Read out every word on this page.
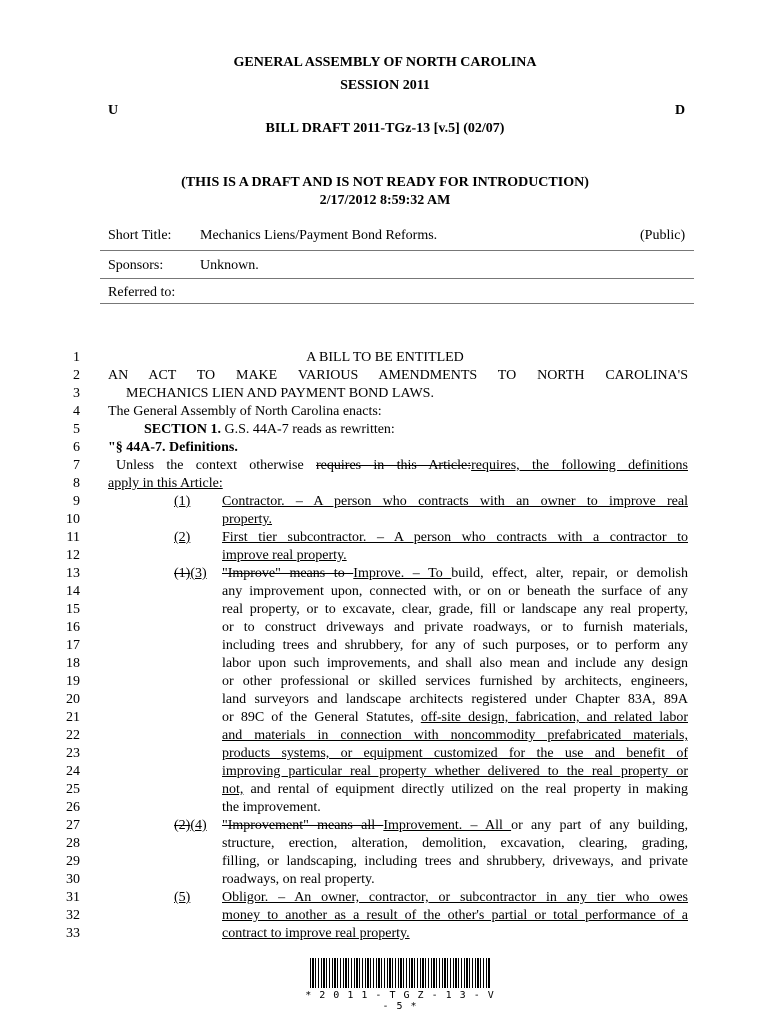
GENERAL ASSEMBLY OF NORTH CAROLINA
SESSION 2011
U	D
BILL DRAFT 2011-TGz-13 [v.5] (02/07)
(THIS IS A DRAFT AND IS NOT READY FOR INTRODUCTION)
2/17/2012 8:59:32 AM
Short Title: Mechanics Liens/Payment Bond Reforms.	(Public)
Sponsors:	Unknown.
Referred to:
1
2
3
4
5
6
7
8
9
10
11
12
13
14
15
16
17
18
19
20
21
22
23
24
25
26
27
28
29
30
31
32
33
A BILL TO BE ENTITLED
AN ACT TO MAKE VARIOUS AMENDMENTS TO NORTH CAROLINA'S
MECHANICS LIEN AND PAYMENT BOND LAWS.
The General Assembly of North Carolina enacts:
SECTION 1. G.S. 44A-7 reads as rewritten:
"§ 44A-7. Definitions.
Unless the context otherwise requires in this Article:requires, the following definitions
apply in this Article:
(1) Contractor. – A person who contracts with an owner to improve real
property.
(2) First tier subcontractor. – A person who contracts with a contractor to
improve real property.
(1)(3) "Improve" means to Improve. – To build, effect, alter, repair, or demolish
any improvement upon, connected with, or on or beneath the surface of any
real property, or to excavate, clear, grade, fill or landscape any real property,
or to construct driveways and private roadways, or to furnish materials,
including trees and shrubbery, for any of such purposes, or to perform any
labor upon such improvements, and shall also mean and include any design
or other professional or skilled services furnished by architects, engineers,
land surveyors and landscape architects registered under Chapter 83A, 89A
or 89C of the General Statutes, off-site design, fabrication, and related labor
and materials in connection with noncommodity prefabricated materials,
products systems, or equipment customized for the use and benefit of
improving particular real property whether delivered to the real property or
not, and rental of equipment directly utilized on the real property in making
the improvement.
(2)(4) "Improvement" means all Improvement. – All or any part of any building,
structure, erection, alteration, demolition, excavation, clearing, grading,
filling, or landscaping, including trees and shrubbery, driveways, and private
roadways, on real property.
(5) Obligor. – An owner, contractor, or subcontractor in any tier who owes
money to another as a result of the other's partial or total performance of a
contract to improve real property.
* 2 0 1 1 - T G Z - 1 3 - V - 5 *
